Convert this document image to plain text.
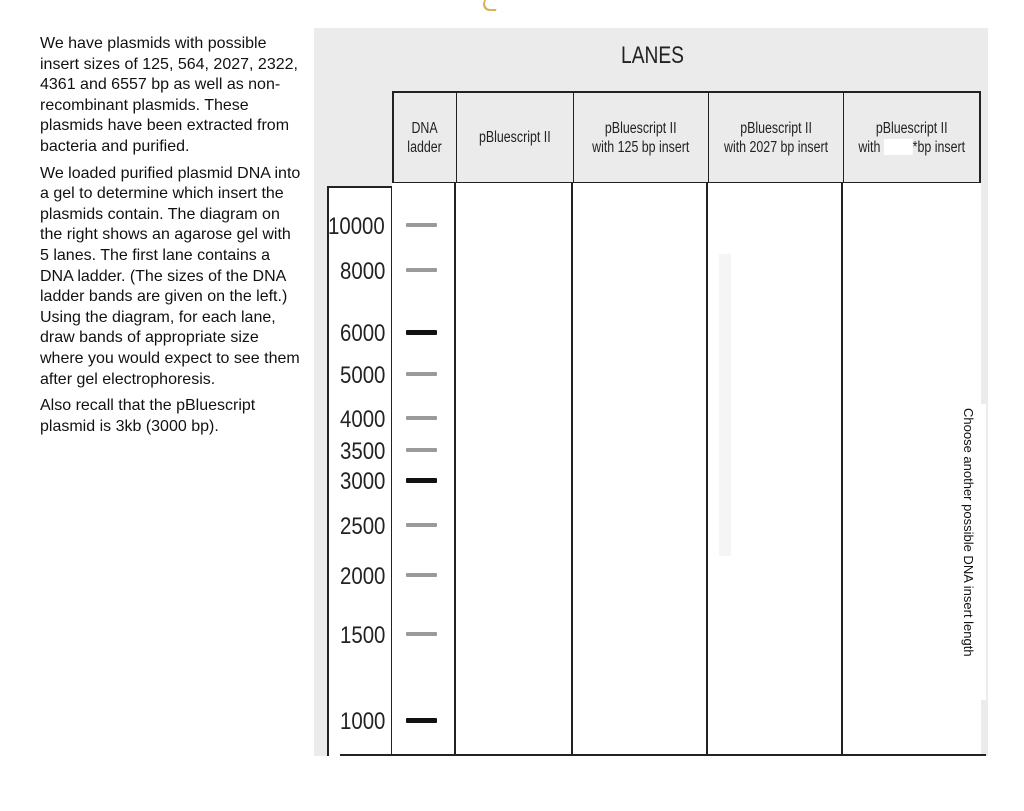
We have plasmids with possible insert sizes of 125, 564, 2027, 2322, 4361 and 6557 bp as well as non-recombinant plasmids. These plasmids have been extracted from bacteria and purified.

We loaded purified plasmid DNA into a gel to determine which insert the plasmids contain. The diagram on the right shows an agarose gel with 5 lanes. The first lane contains a DNA ladder. (The sizes of the DNA ladder bands are given on the left.) Using the diagram, for each lane, draw bands of appropriate size where you would expect to see them after gel electrophoresis.

Also recall that the pBluescript plasmid is 3kb (3000 bp).

LANES
DNA
ladder
pBluescript II
pBluescript II
with 125 bp insert
pBluescript II
with 2027 bp insert
pBluescript II
with *bp insert
10000
8000
6000
5000
4000
3500
3000
2500
2000
1500
1000
Choose another possible DNA insert length
